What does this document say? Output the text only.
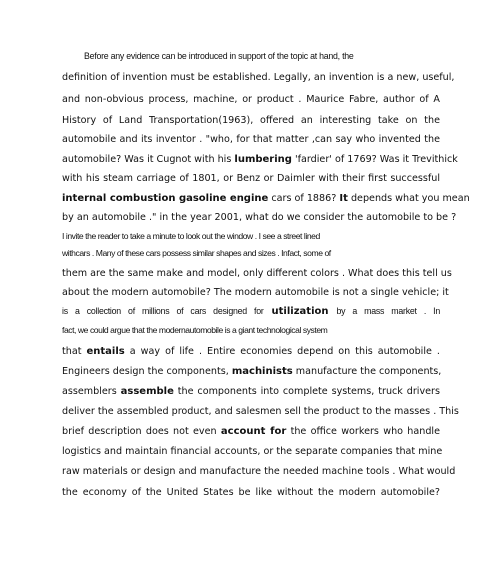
Before any evidence can be introduced in support of the topic at hand, the
definition of invention must be established. Legally, an invention is a new, useful,
and non-obvious process, machine, or product . Maurice Fabre, author of A
History of Land Transportation(1963), offered an interesting take on the
automobile and its inventor . "who, for that matter ,can say who invented the
automobile? Was it Cugnot with his lumbering 'fardier' of 1769? Was it Trevithick
with his steam carriage of 1801, or Benz or Daimler with their first successful
internal combustion gasoline engine cars of 1886? It depends what you mean
by an automobile ." in the year 2001, what do we consider the automobile to be ?
I invite the reader to take a minute to look out the window . I see a street lined
withcars . Many of these cars possess similar shapes and sizes . Infact, some of
them are the same make and model, only different colors . What does this tell us
about the modern automobile? The modern automobile is not a single vehicle; it
is a collection of millions of cars designed for utilization by a mass market . In
fact, we could argue that the modernautomobile is a giant technological system
that entails a way of life . Entire economies depend on this automobile .
Engineers design the components, machinists manufacture the components,
assemblers assemble the components into complete systems, truck drivers
deliver the assembled product, and salesmen sell the product to the masses . This
brief description does not even account for the office workers who handle
logistics and maintain financial accounts, or the separate companies that mine
raw materials or design and manufacture the needed machine tools . What would
the economy of the United States be like without the modern automobile?
